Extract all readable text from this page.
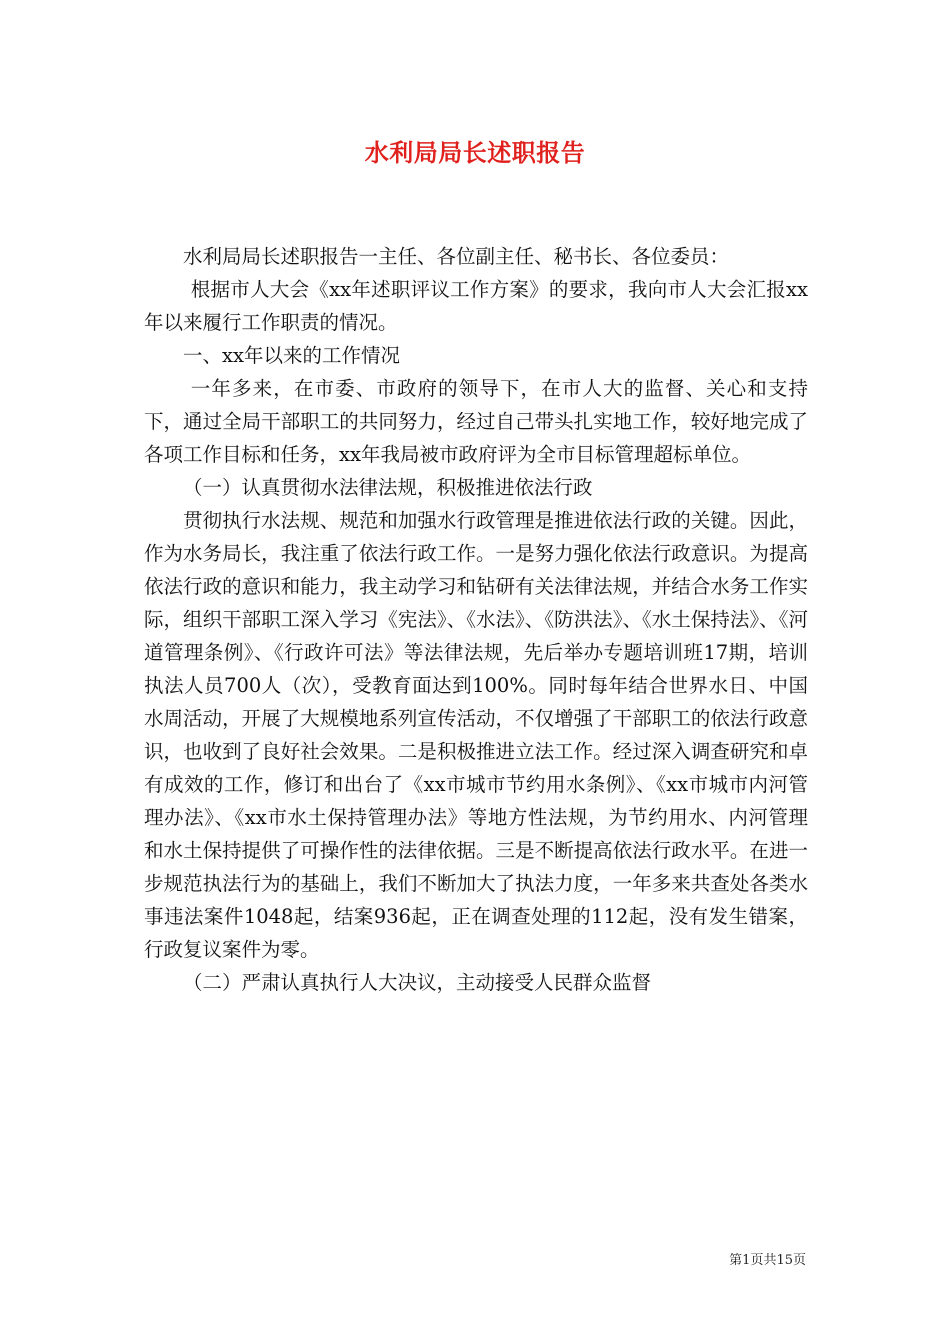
水利局局长述职报告

水利局局长述职报告一主任、各位副主任、秘书长、各位委员：

根据市人大会《xx年述职评议工作方案》的要求，我向市人大会汇报xx年以来履行工作职责的情况。

一、xx年以来的工作情况

一年多来，在市委、市政府的领导下，在市人大的监督、关心和支持下，通过全局干部职工的共同努力，经过自己带头扎实地工作，较好地完成了各项工作目标和任务，xx年我局被市政府评为全市目标管理超标单位。

（一）认真贯彻水法律法规，积极推进依法行政

贯彻执行水法规、规范和加强水行政管理是推进依法行政的关键。因此，作为水务局长，我注重了依法行政工作。一是努力强化依法行政意识。为提高依法行政的意识和能力，我主动学习和钻研有关法律法规，并结合水务工作实际，组织干部职工深入学习《宪法》、《水法》、《防洪法》、《水土保持法》、《河道管理条例》、《行政许可法》等法律法规，先后举办专题培训班17期，培训执法人员700人（次），受教育面达到100%。同时每年结合世界水日、中国水周活动，开展了大规模地系列宣传活动，不仅增强了干部职工的依法行政意识，也收到了良好社会效果。二是积极推进立法工作。经过深入调查研究和卓有成效的工作，修订和出台了《xx市城市节约用水条例》、《xx市城市内河管理办法》、《xx市水土保持管理办法》等地方性法规，为节约用水、内河管理和水土保持提供了可操作性的法律依据。三是不断提高依法行政水平。在进一步规范执法行为的基础上，我们不断加大了执法力度，一年多来共查处各类水事违法案件1048起，结案936起，正在调查处理的112起，没有发生错案，行政复议案件为零。

（二）严肃认真执行人大决议，主动接受人民群众监督

第1页共15页
